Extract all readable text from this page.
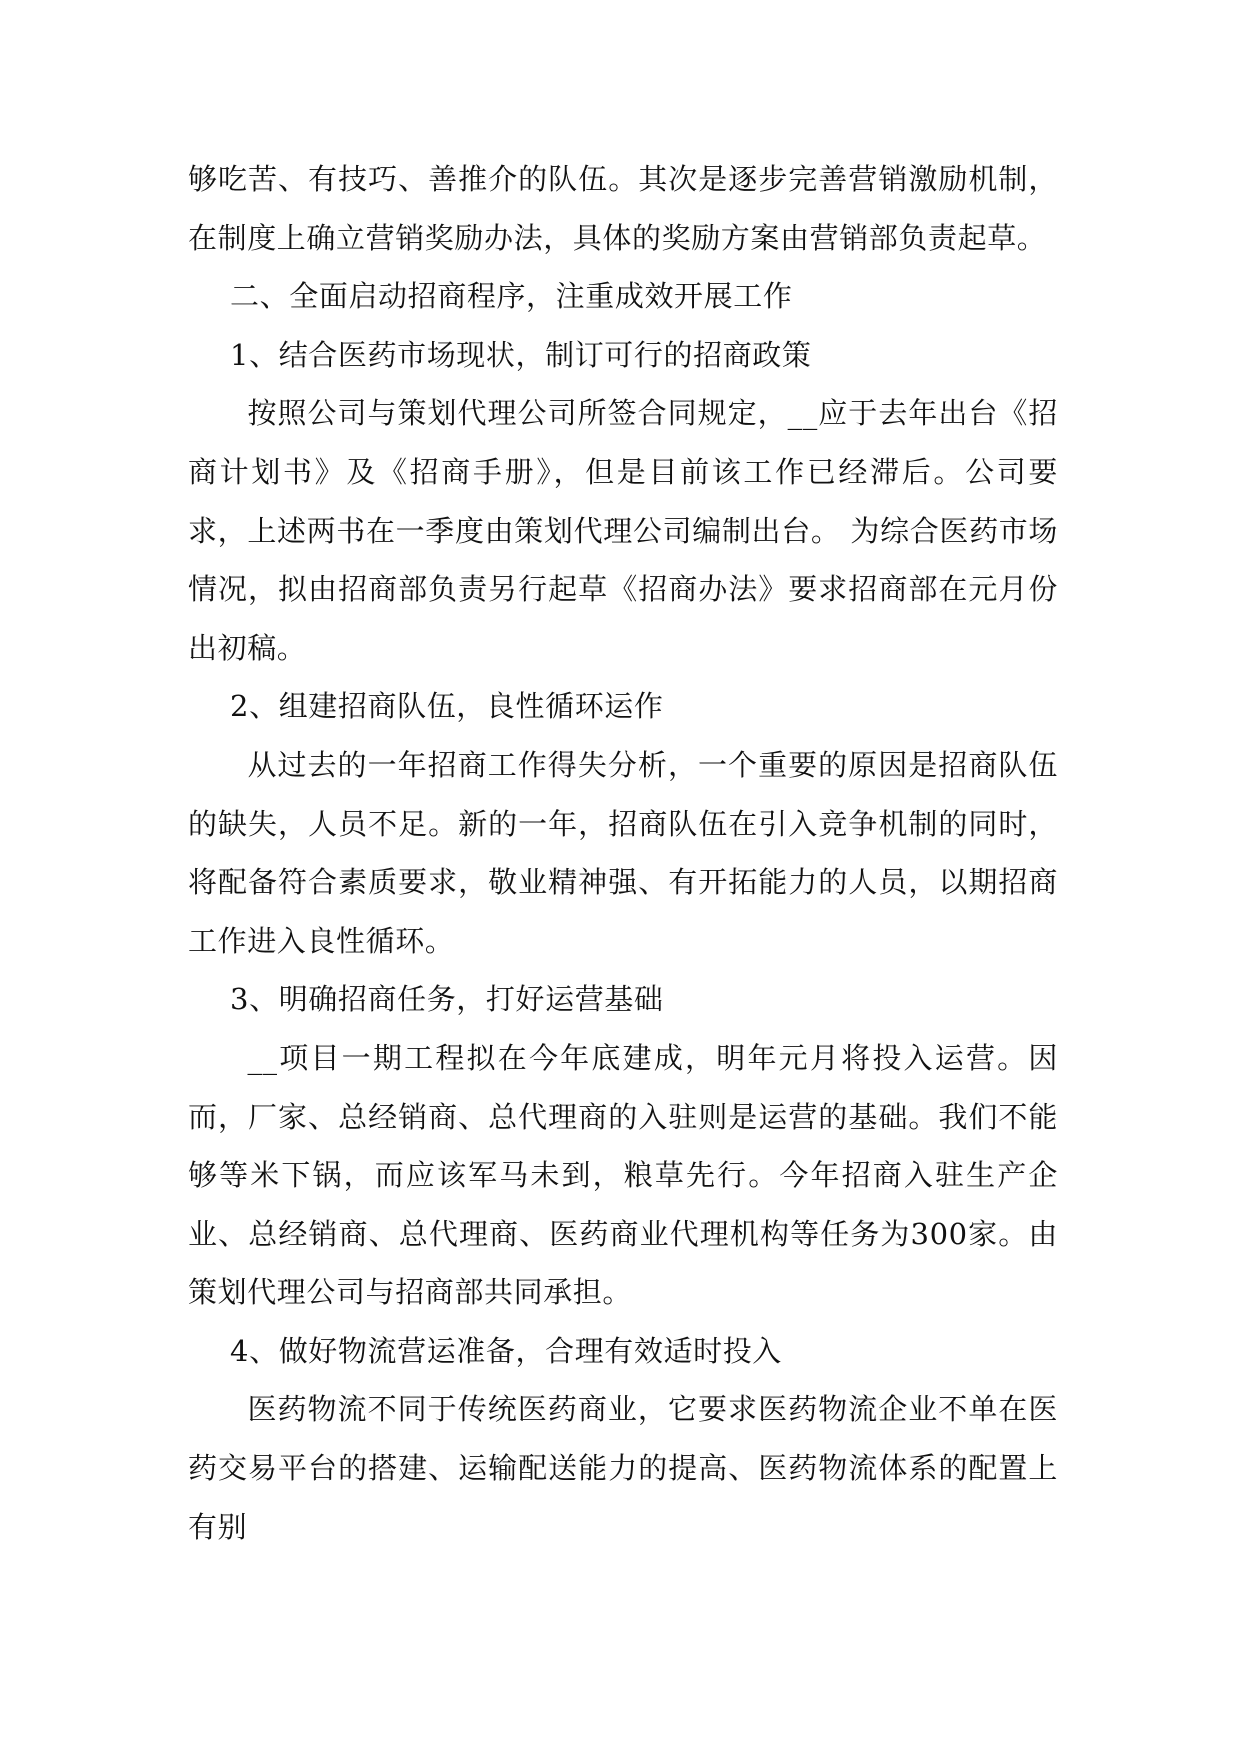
够吃苦、有技巧、善推介的队伍。其次是逐步完善营销激励机制，在制度上确立营销奖励办法，具体的奖励方案由营销部负责起草。

二、全面启动招商程序，注重成效开展工作

1、结合医药市场现状，制订可行的招商政策

按照公司与策划代理公司所签合同规定，__应于去年出台《招商计划书》及《招商手册》，但是目前该工作已经滞后。公司要求，上述两书在一季度由策划代理公司编制出台。 为综合医药市场情况，拟由招商部负责另行起草《招商办法》要求招商部在元月份出初稿。

2、组建招商队伍，良性循环运作

从过去的一年招商工作得失分析，一个重要的原因是招商队伍的缺失，人员不足。新的一年，招商队伍在引入竞争机制的同时，将配备符合素质要求，敬业精神强、有开拓能力的人员，以期招商工作进入良性循环。

3、明确招商任务，打好运营基础

__项目一期工程拟在今年底建成，明年元月将投入运营。因而，厂家、总经销商、总代理商的入驻则是运营的基础。我们不能够等米下锅，而应该军马未到，粮草先行。今年招商入驻生产企业、总经销商、总代理商、医药商业代理机构等任务为300家。由策划代理公司与招商部共同承担。

4、做好物流营运准备，合理有效适时投入

医药物流不同于传统医药商业，它要求医药物流企业不单在医药交易平台的搭建、运输配送能力的提高、医药物流体系的配置上有别
